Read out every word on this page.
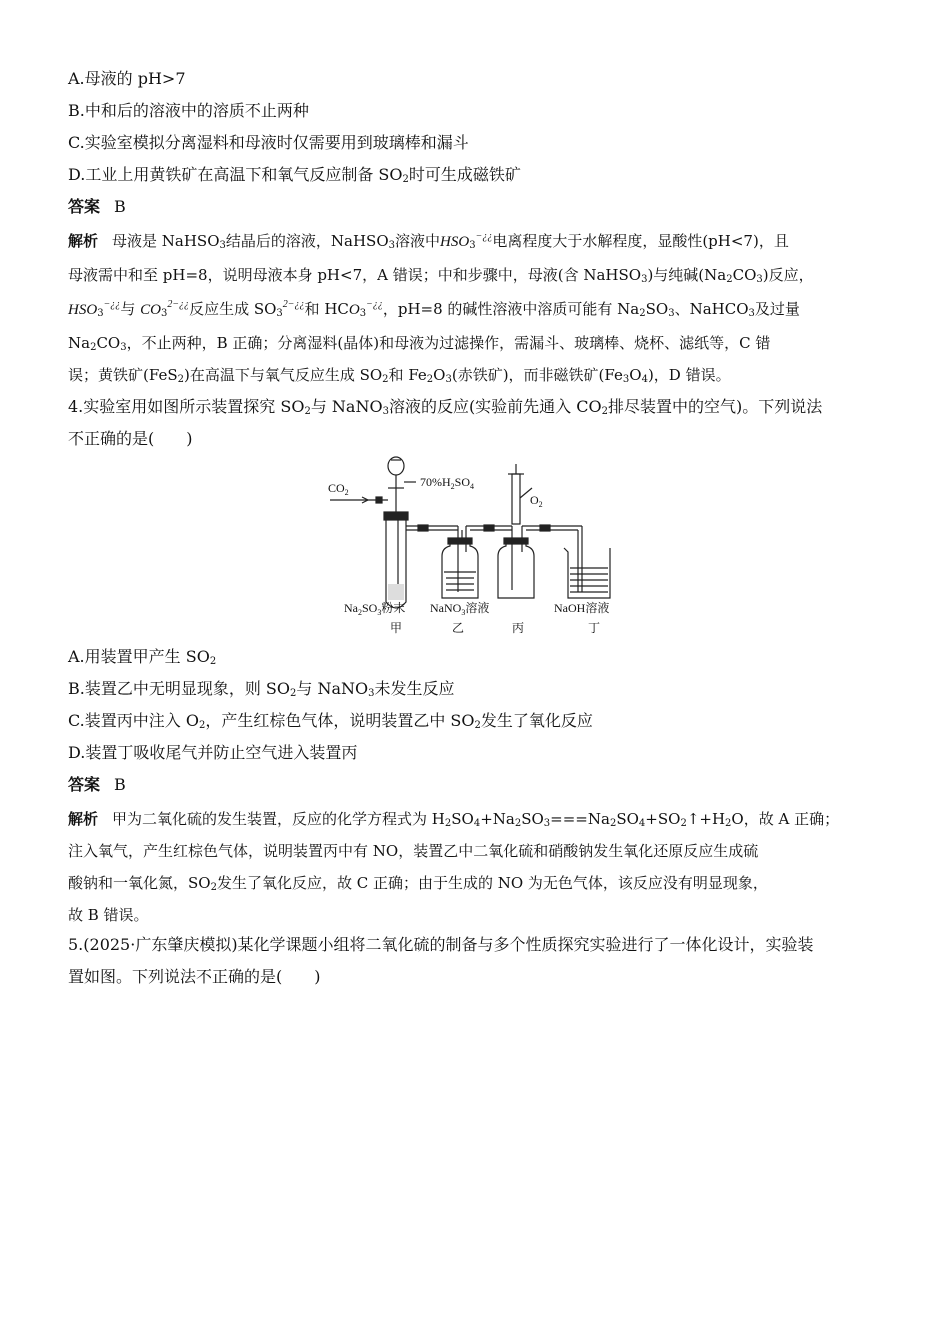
A.母液的 pH>7
B.中和后的溶液中的溶质不止两种
C.实验室模拟分离湿料和母液时仅需要用到玻璃棒和漏斗
D.工业上用黄铁矿在高温下和氧气反应制备 $SO_2$时可生成磁铁矿
答案 B
解析 母液是 NaHSO$_3$结晶后的溶液，NaHSO$_3$溶液中$HSO_3^{-¿¿}$电离程度大于水解程度，显酸性(pH<7)，且
母液需中和至 pH=8，说明母液本身 pH<7，A 错误；中和步骤中，母液(含 NaHSO$_3$)与纯碱$(Na_2CO_3)$反应，
$HSO_3^{-¿¿}$与 $CO_3^{2-¿¿}$反应生成 $SO_3^{2-¿¿}$和 $HCO_3^{-¿¿}$，pH=8 的碱性溶液中溶质可能有 $Na_2SO_3$、NaHCO$_3$及过量
$Na_2CO_3$，不止两种，B 正确；分离湿料(晶体)和母液为过滤操作，需漏斗、玻璃棒、烧杯、滤纸等，C 错
误；黄铁矿(FeS$_2$)在高温下与氧气反应生成 $SO_2$和 $Fe_2O_3$(赤铁矿)，而非磁铁矿$(Fe_3O_4)$，D 错误。
4.实验室用如图所示装置探究 $SO_2$与 NaNO$_3$溶液的反应(实验前先通入 $CO_2$排尽装置中的空气)。下列说法
不正确的是(　　)
$CO_2$
$70\%H_2SO_4$
$O_2$
$Na_2SO_3$粉末 NaNO$_3$溶液	NaOH溶液
甲	乙	丙	丁
A.用装置甲产生 $SO_2$
B.装置乙中无明显现象，则 $SO_2$与 NaNO$_3$未发生反应
C.装置丙中注入 $O_2$，产生红棕色气体，说明装置乙中 $SO_2$发生了氧化反应
D.装置丁吸收尾气并防止空气进入装置丙
答案 B
解析 甲为二氧化硫的发生装置，反应的化学方程式为 $H_2SO_4+Na_2SO_3===Na_2SO_4+SO_2↑+H_2O$，故 A 正确；
注入氧气，产生红棕色气体，说明装置丙中有 NO，装置乙中二氧化硫和硝酸钠发生氧化还原反应生成硫
酸钠和一氧化氮，$SO_2$发生了氧化反应，故 C 正确；由于生成的 NO 为无色气体，该反应没有明显现象，
故 B 错误。
5.(2025·广东肇庆模拟)某化学课题小组将二氧化硫的制备与多个性质探究实验进行了一体化设计，实验装
置如图。下列说法不正确的是(　　)
